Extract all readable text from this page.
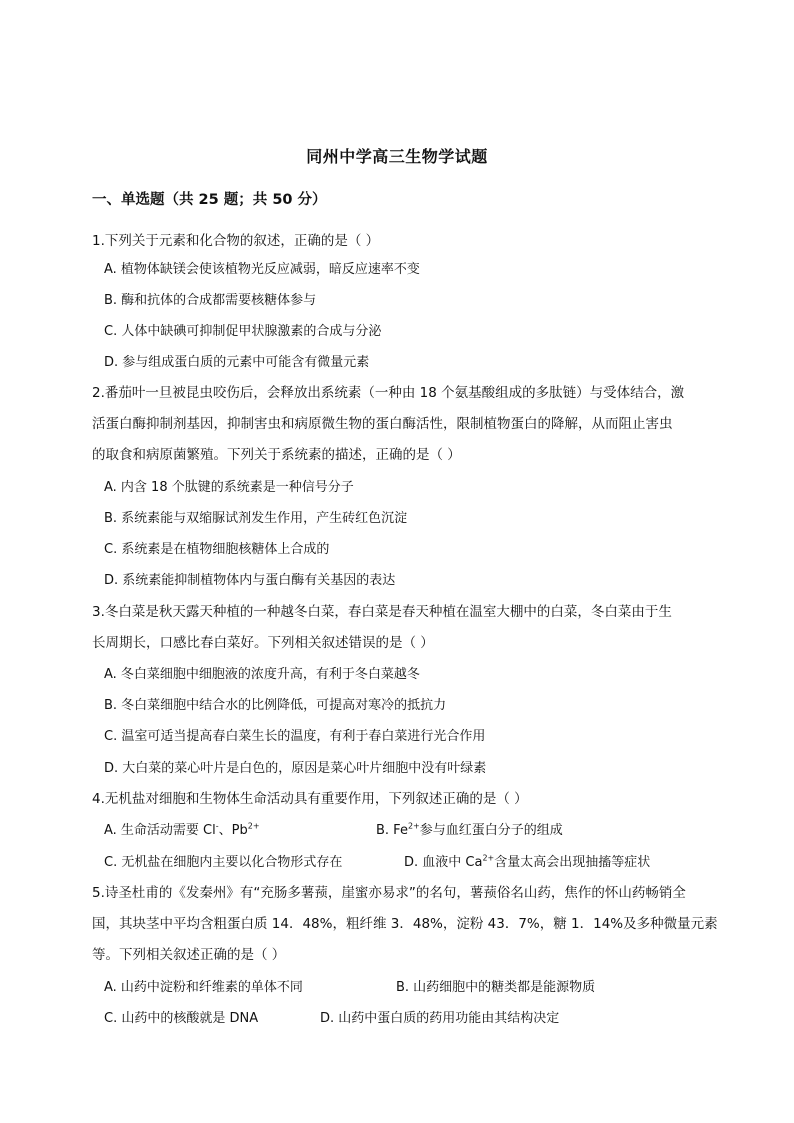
同州中学高三生物学试题
一、单选题（共 25 题；共 50 分）
1.下列关于元素和化合物的叙述，正确的是（ ）
A. 植物体缺镁会使该植物光反应减弱，暗反应速率不变
B. 酶和抗体的合成都需要核糖体参与
C. 人体中缺碘可抑制促甲状腺激素的合成与分泌
D. 参与组成蛋白质的元素中可能含有微量元素
2.番茄叶一旦被昆虫咬伤后，会释放出系统素（一种由 18 个氨基酸组成的多肽链）与受体结合，激
活蛋白酶抑制剂基因，抑制害虫和病原微生物的蛋白酶活性，限制植物蛋白的降解，从而阻止害虫
的取食和病原菌繁殖。下列关于系统素的描述，正确的是（ ）
A. 内含 18 个肽键的系统素是一种信号分子
B. 系统素能与双缩脲试剂发生作用，产生砖红色沉淀
C. 系统素是在植物细胞核糖体上合成的
D. 系统素能抑制植物体内与蛋白酶有关基因的表达
3.冬白菜是秋天露天种植的一种越冬白菜，春白菜是春天种植在温室大棚中的白菜，冬白菜由于生
长周期长，口感比春白菜好。下列相关叙述错误的是（ ）
A. 冬白菜细胞中细胞液的浓度升高，有利于冬白菜越冬
B. 冬白菜细胞中结合水的比例降低，可提高对寒冷的抵抗力
C. 温室可适当提高春白菜生长的温度，有利于春白菜进行光合作用
D. 大白菜的菜心叶片是白色的，原因是菜心叶片细胞中没有叶绿素
4.无机盐对细胞和生物体生命活动具有重要作用，下列叙述正确的是（ ）
A. 生命活动需要 Cl-、$Pb^{2+}$	B. $Fe^{2+}$参与血红蛋白分子的组成
C. 无机盐在细胞内主要以化合物形式存在	D. 血液中 $Ca^{2+}$含量太高会出现抽搐等症状
5.诗圣杜甫的《发秦州》有“充肠多薯蓣，崖蜜亦易求”的名句，薯蓣俗名山药，焦作的怀山药畅销全
国，其块茎中平均含粗蛋白质 14．48%，粗纤维 3．48%，淀粉 43．7%，糖 1．14%及多种微量元素
等。下列相关叙述正确的是（ ）
A. 山药中淀粉和纤维素的单体不同	B. 山药细胞中的糖类都是能源物质
C. 山药中的核酸就是 DNA	D. 山药中蛋白质的药用功能由其结构决定
